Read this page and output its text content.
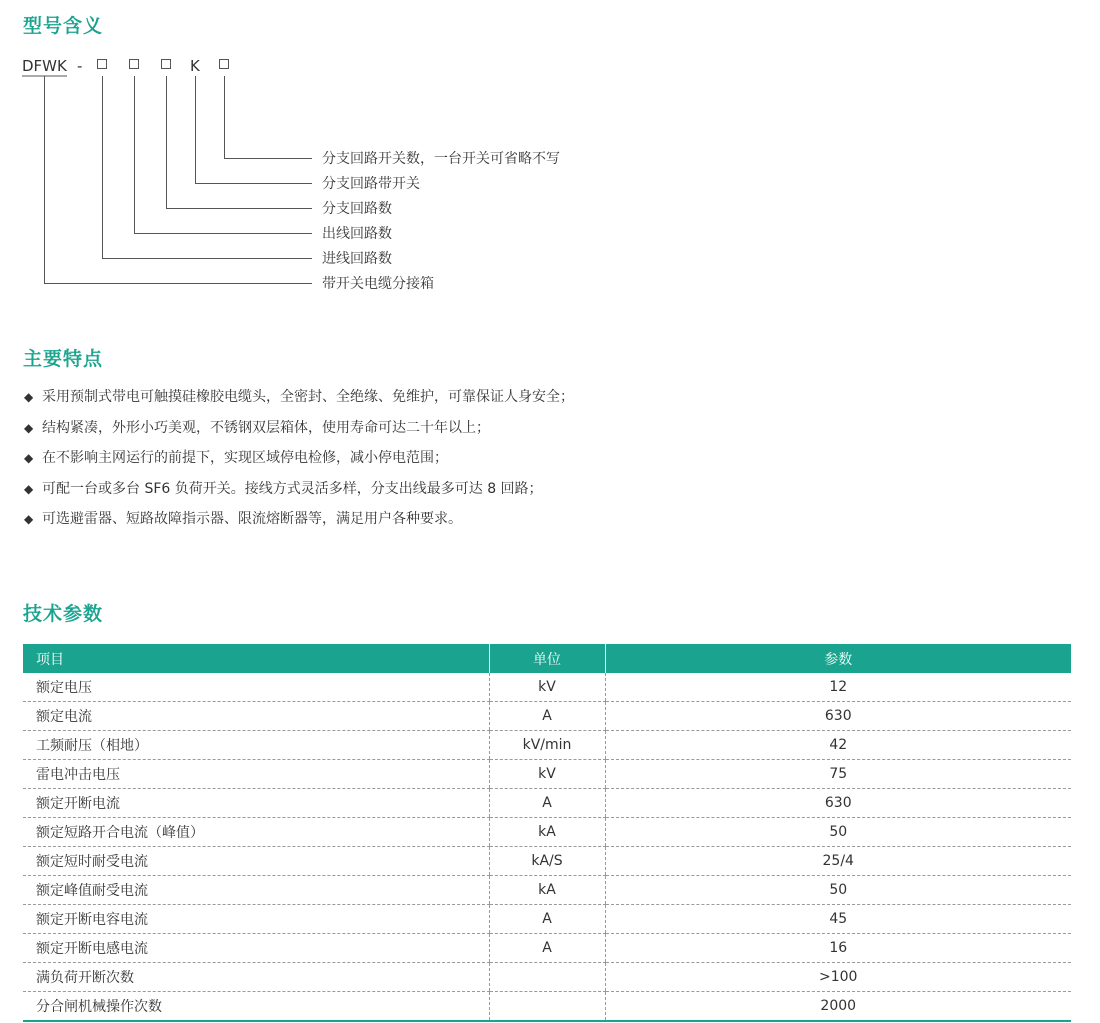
型号含义
DFWK -	K
分支回路开关数，一台开关可省略不写
分支回路带开关
分支回路数
出线回路数
进线回路数
带开关电缆分接箱
主要特点
◆ 采用预制式带电可触摸硅橡胶电缆头，全密封、全绝缘、免维护，可靠保证人身安全；
◆ 结构紧凑，外形小巧美观，不锈钢双层箱体，使用寿命可达二十年以上；
◆ 在不影响主网运行的前提下，实现区域停电检修，减小停电范围；
◆ 可配一台或多台 SF6 负荷开关。接线方式灵活多样，分支出线最多可达 8 回路；
◆ 可选避雷器、短路故障指示器、限流熔断器等，满足用户各种要求。
技术参数
项目	单位	参数
额定电压	kV	12
额定电流	A	630
工频耐压（相地）	kV/min	42
雷电冲击电压	kV	75
额定开断电流	A	630
额定短路开合电流（峰值）	kA	50
额定短时耐受电流	kA/S	25/4
额定峰值耐受电流	kA	50
额定开断电容电流	A	45
额定开断电感电流	A	16
满负荷开断次数		>100
分合闸机械操作次数		2000
